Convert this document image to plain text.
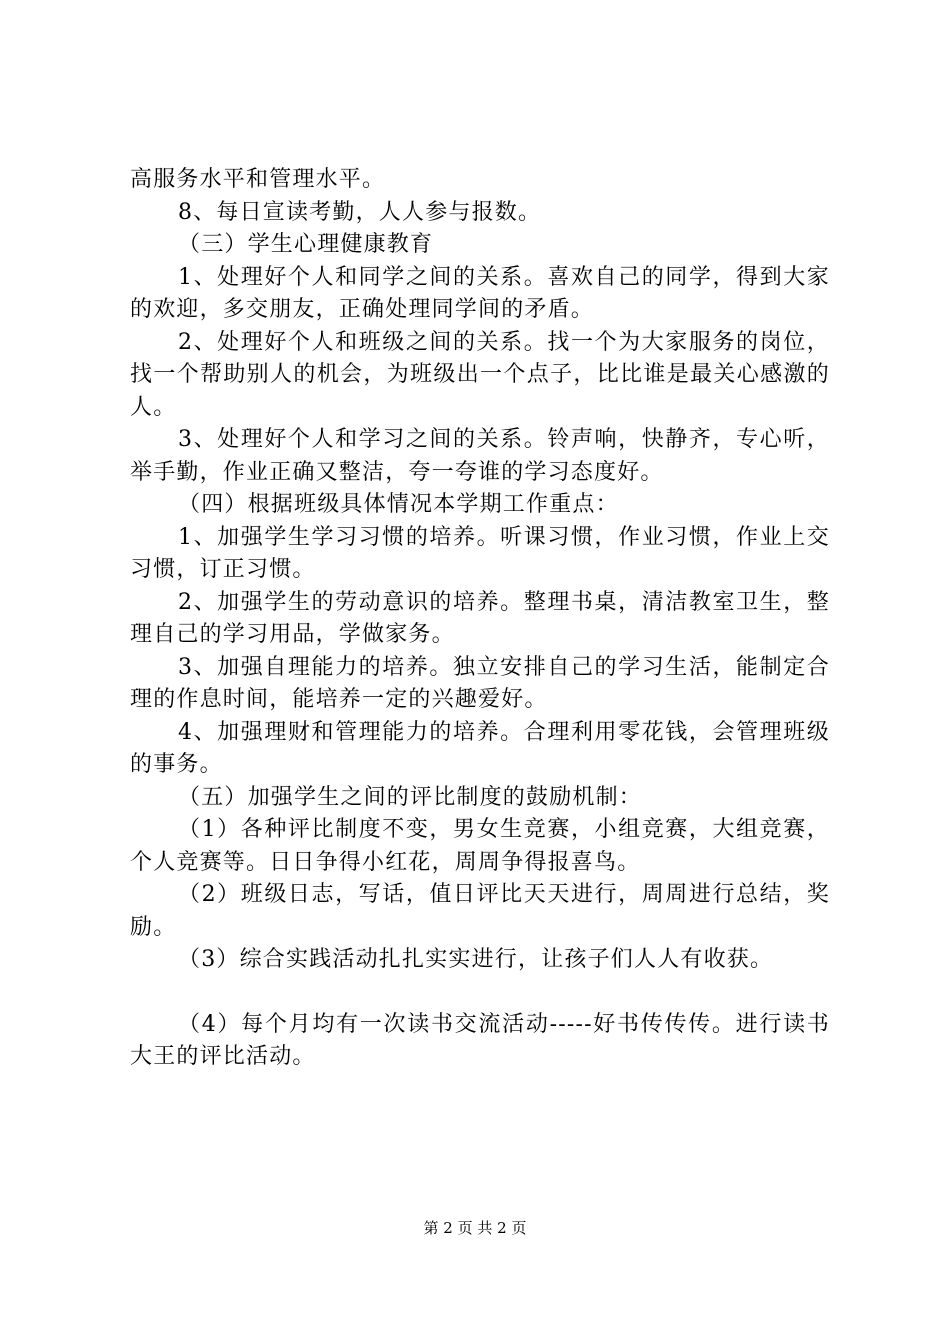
高服务水平和管理水平。

8、每日宣读考勤，人人参与报数。

（三）学生心理健康教育

1、处理好个人和同学之间的关系。喜欢自己的同学，得到大家的欢迎，多交朋友，正确处理同学间的矛盾。

2、处理好个人和班级之间的关系。找一个为大家服务的岗位，找一个帮助别人的机会，为班级出一个点子，比比谁是最关心感激的人。

3、处理好个人和学习之间的关系。铃声响，快静齐，专心听，举手勤，作业正确又整洁，夸一夸谁的学习态度好。

（四）根据班级具体情况本学期工作重点：

1、加强学生学习习惯的培养。听课习惯，作业习惯，作业上交习惯，订正习惯。

2、加强学生的劳动意识的培养。整理书桌，清洁教室卫生，整理自己的学习用品，学做家务。

3、加强自理能力的培养。独立安排自己的学习生活，能制定合理的作息时间，能培养一定的兴趣爱好。

4、加强理财和管理能力的培养。合理利用零花钱，会管理班级的事务。

（五）加强学生之间的评比制度的鼓励机制：

（1）各种评比制度不变，男女生竞赛，小组竞赛，大组竞赛，个人竞赛等。日日争得小红花，周周争得报喜鸟。

（2）班级日志，写话，值日评比天天进行，周周进行总结，奖励。

（3）综合实践活动扎扎实实进行，让孩子们人人有收获。

（4）每个月均有一次读书交流活动-----好书传传传。进行读书大王的评比活动。

第 2 页 共 2 页
